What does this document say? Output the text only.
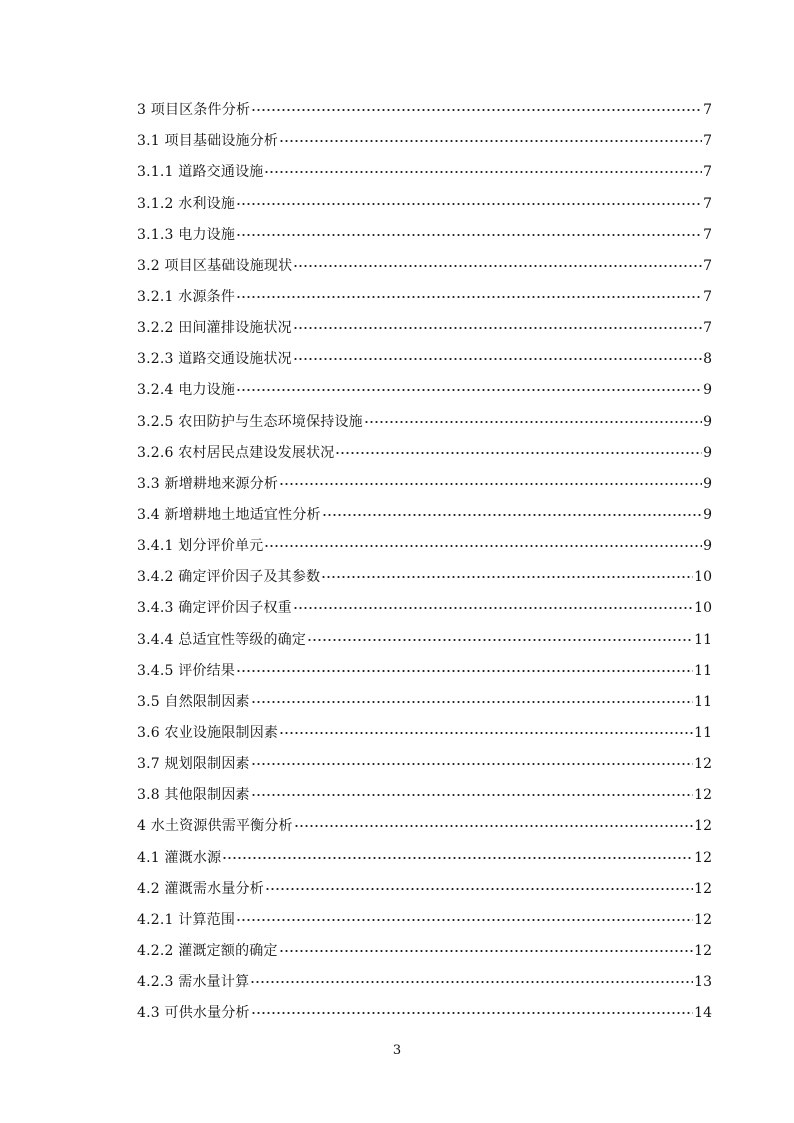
3 项目区条件分析	7
3.1 项目基础设施分析	7
3.1.1 道路交通设施	7
3.1.2 水利设施	7
3.1.3 电力设施	7
3.2 项目区基础设施现状	7
3.2.1 水源条件	7
3.2.2 田间灌排设施状况	7
3.2.3 道路交通设施状况	8
3.2.4 电力设施	9
3.2.5 农田防护与生态环境保持设施	9
3.2.6 农村居民点建设发展状况	9
3.3 新增耕地来源分析	9
3.4 新增耕地土地适宜性分析	9
3.4.1 划分评价单元	9
3.4.2 确定评价因子及其参数	10
3.4.3 确定评价因子权重	10
3.4.4 总适宜性等级的确定	11
3.4.5 评价结果	11
3.5 自然限制因素	11
3.6 农业设施限制因素	11
3.7 规划限制因素	12
3.8 其他限制因素	12
4 水土资源供需平衡分析	12
4.1 灌溉水源	12
4.2 灌溉需水量分析	12
4.2.1 计算范围	12
4.2.2 灌溉定额的确定	12
4.2.3 需水量计算	13
4.3 可供水量分析	14
3
